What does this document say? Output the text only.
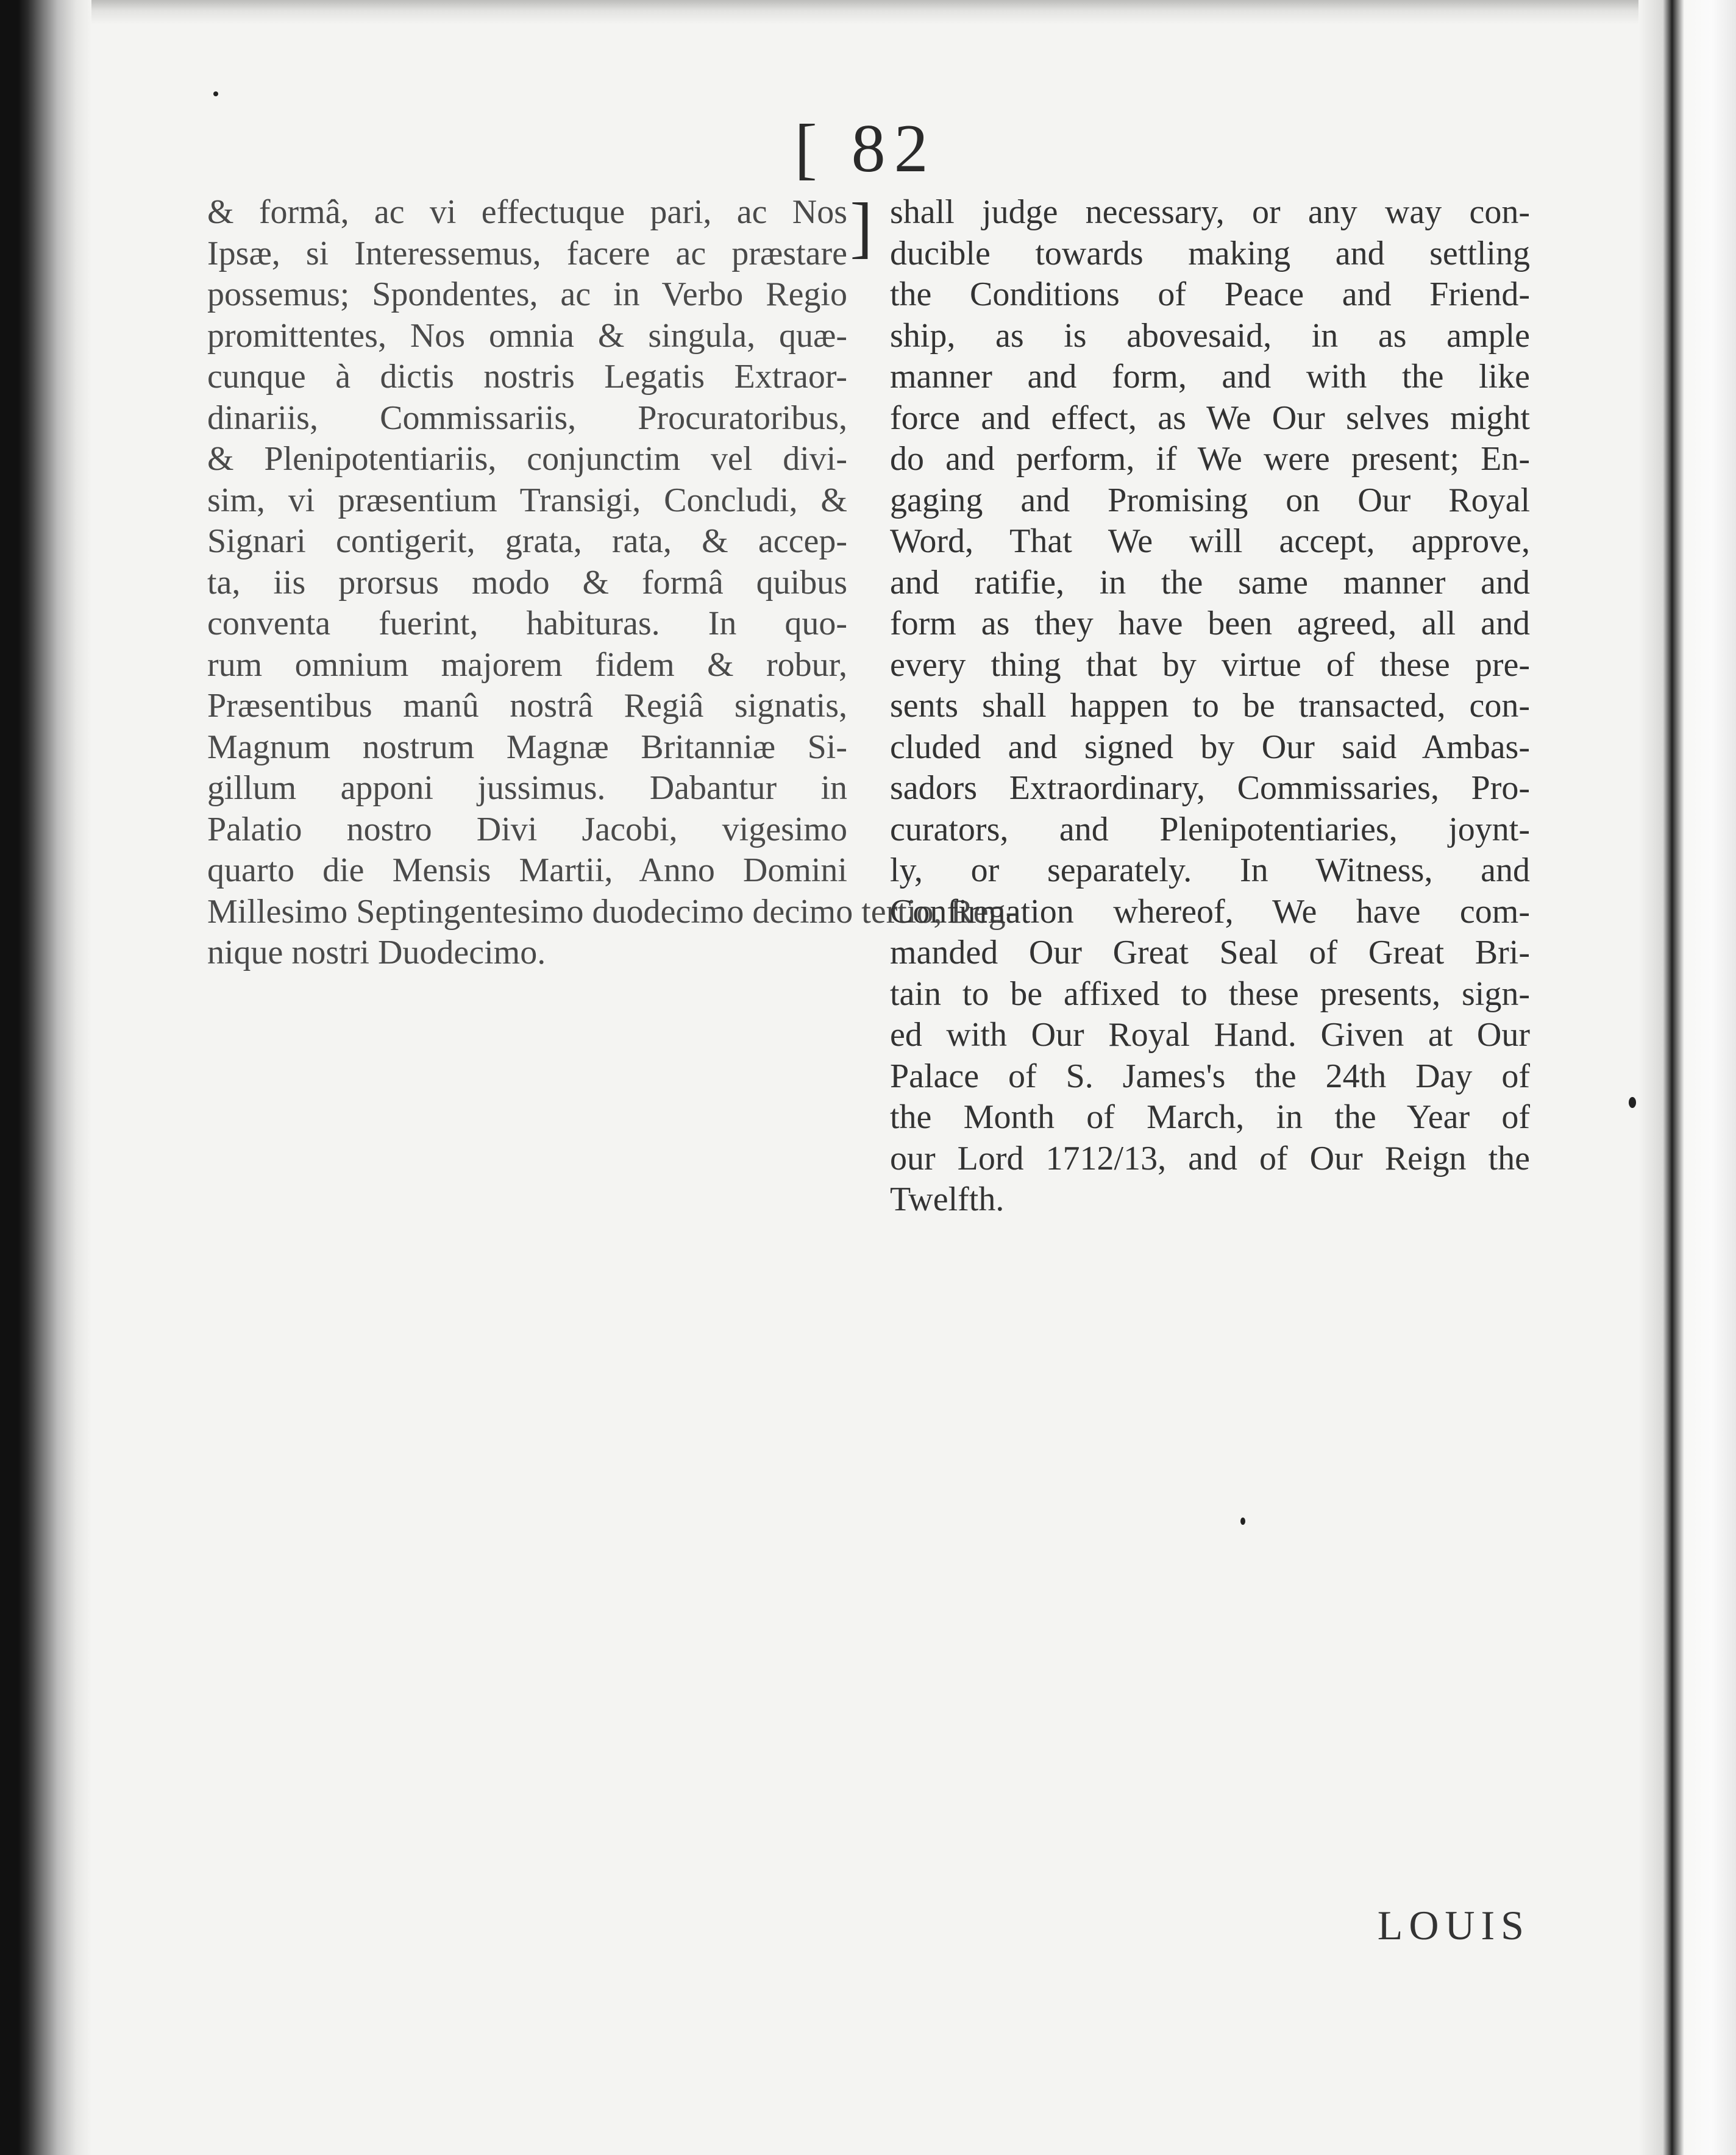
[ 82 ]
& formâ, ac vi effectuque pari, ac Nos
Ipsæ, si Interessemus, facere ac præstare
possemus; Spondentes, ac in Verbo Regio
promittentes, Nos omnia & singula, quæ-
cunque à dictis nostris Legatis Extraor-
dinariis, Commissariis, Procuratoribus,
& Plenipotentiariis, conjunctim vel divi-
sim, vi præsentium Transigi, Concludi, &
Signari contigerit, grata, rata, & accep-
ta, iis prorsus modo & formâ quibus
conventa fuerint, habituras. In quo-
rum omnium majorem fidem & robur,
Præsentibus manû nostrâ Regiâ signatis,
Magnum nostrum Magnæ Britanniæ Si-
gillum apponi jussimus. Dabantur in
Palatio nostro Divi Jacobi, vigesimo
quarto die Mensis Martii, Anno Domini
Millesimo Septingentesimo duodecimo decimo tertio, Reg-
nique nostri Duodecimo.
shall judge necessary, or any way con-
ducible towards making and settling
the Conditions of Peace and Friend-
ship, as is abovesaid, in as ample
manner and form, and with the like
force and effect, as We Our selves might
do and perform, if We were present; En-
gaging and Promising on Our Royal
Word, That We will accept, approve,
and ratifie, in the same manner and
form as they have been agreed, all and
every thing that by virtue of these pre-
sents shall happen to be transacted, con-
cluded and signed by Our said Ambas-
sadors Extraordinary, Commissaries, Pro-
curators, and Plenipotentiaries, joynt-
ly, or separately. In Witness, and
Confirmation whereof, We have com-
manded Our Great Seal of Great Bri-
tain to be affixed to these presents, sign-
ed with Our Royal Hand. Given at Our
Palace of S. James's the 24th Day of
the Month of March, in the Year of
our Lord 1712/13, and of Our Reign the
Twelfth.
LOUIS
